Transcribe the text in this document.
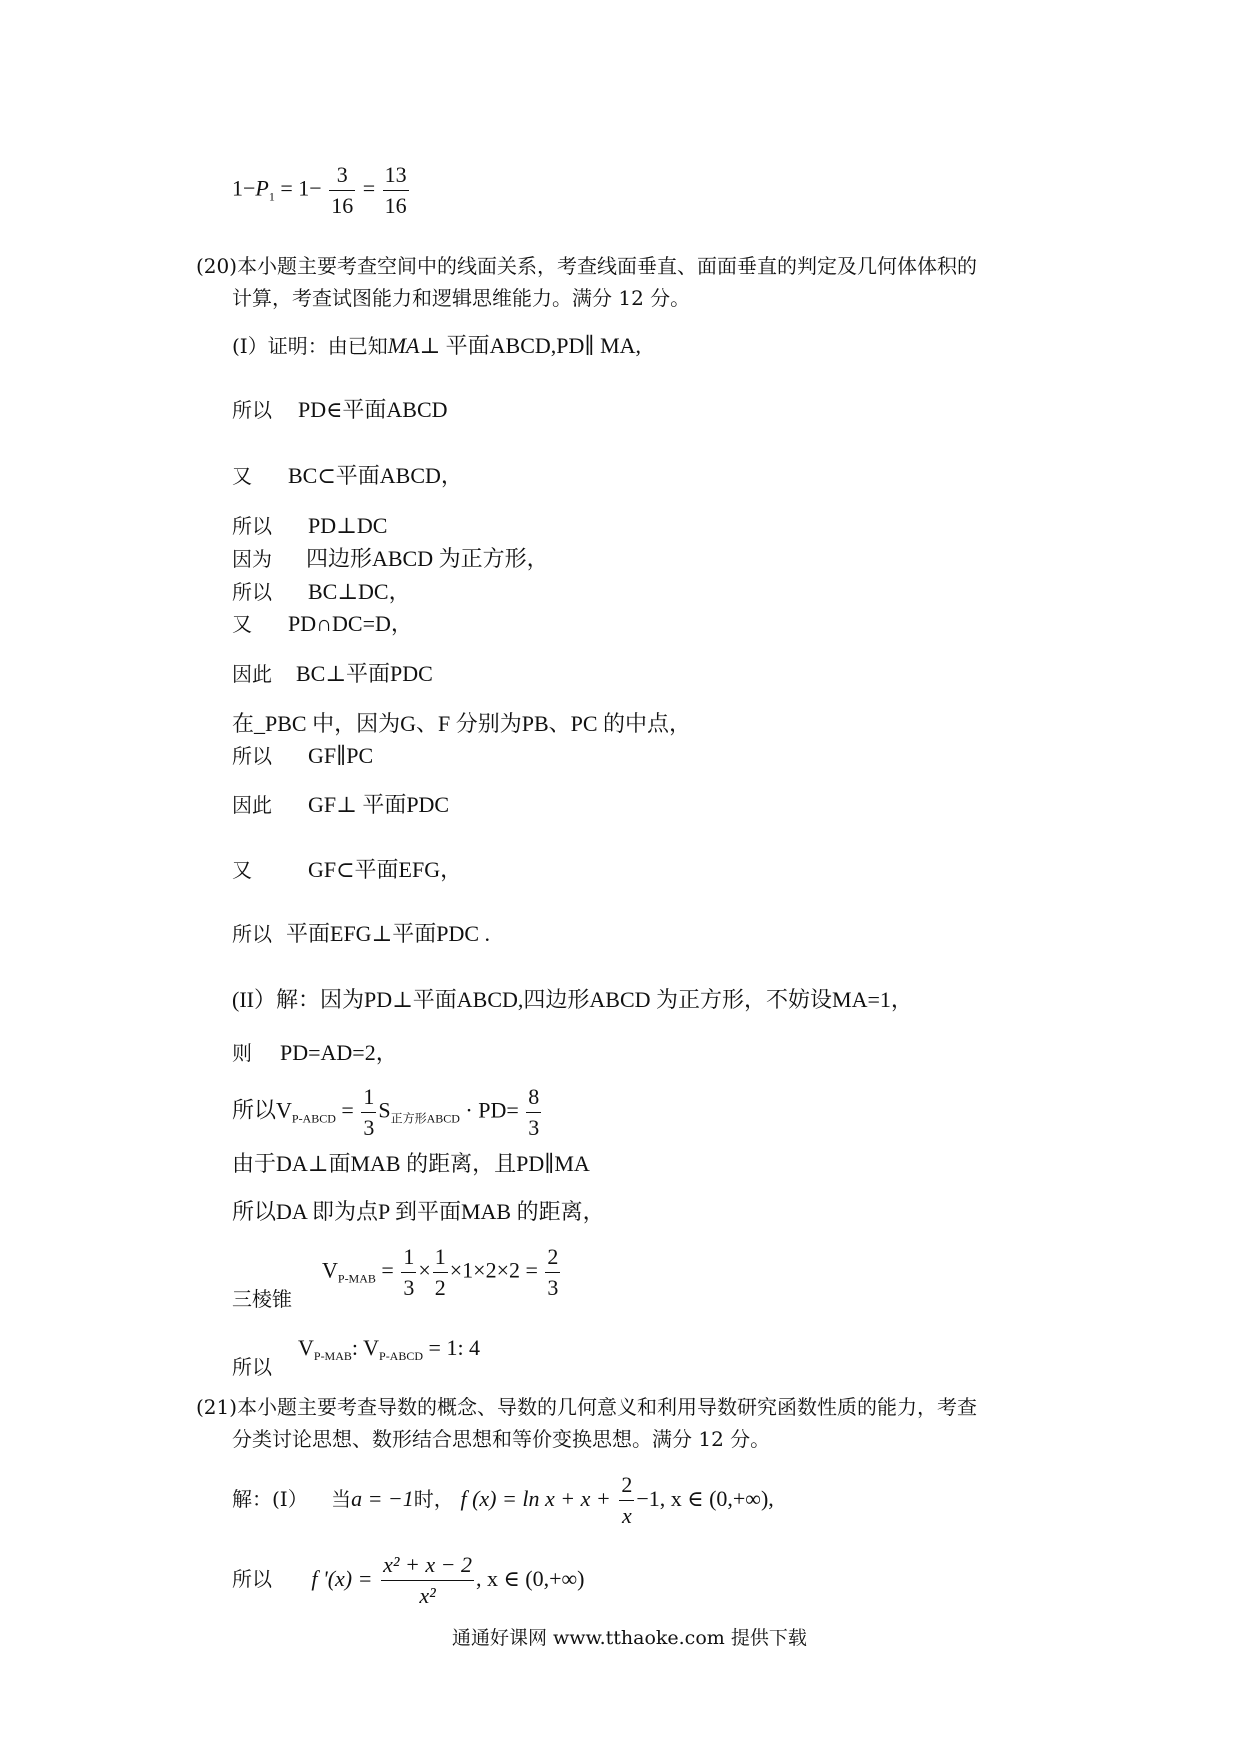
$1-P_1 = 1- \frac{3}{16} = \frac{13}{16}$
(20)本小题主要考查空间中的线面关系，考查线面垂直、面面垂直的判定及几何体体积的
计算，考查试图能力和逻辑思维能力。满分 12 分。
(I）证明：由已知MA⊥ 平面ABCD,PD∥ MA,
所以 PD∈平面ABCD
又 BC⊂平面ABCD，
所以 PD⊥DC
因为 四边形ABCD 为正方形，
所以 BC⊥DC，
又 PD∩DC=D，
因此 BC⊥平面PDC
在_PBC 中，因为G、F 分别为PB、PC 的中点，
所以 GF∥PC
因此 GF⊥ 平面PDC
又	GF⊂平面EFG，
所以 平面EFG⊥平面PDC .
(II）解：因为PD⊥平面ABCD,四边形ABCD 为正方形，不妨设MA=1，
则 PD=AD=2，
所以$V_{P-ABCD} = \frac{1}{3} S_{正方形ABCD} \cdot PD= \frac{8}{3}$
由于DA⊥面MAB 的距离，且PD∥MA
所以DA 即为点P 到平面MAB 的距离，
三棱锥
$V_{P-MAB} = \frac{1}{3} \times \frac{1}{2} \times 1\times 2\times 2 = \frac{2}{3}$
所以
$V_{P-MAB}$: $V_{P-ABCD} = 1$: 4
(21)本小题主要考查导数的概念、导数的几何意义和利用导数研究函数性质的能力，考查
分类讨论思想、数形结合思想和等价变换思想。满分 12 分。
解：(Ⅰ） 当a = −1时， f $(x) = \ln x + x + \frac{2}{x} -1$, x ∈ (0,+∞),
所以 f '$(x) = \frac{\text{x² + x − 2}}{\text{x²}}$ , x ∈ (0,+∞)
通通好课网 www.tthaoke.com 提供下载
